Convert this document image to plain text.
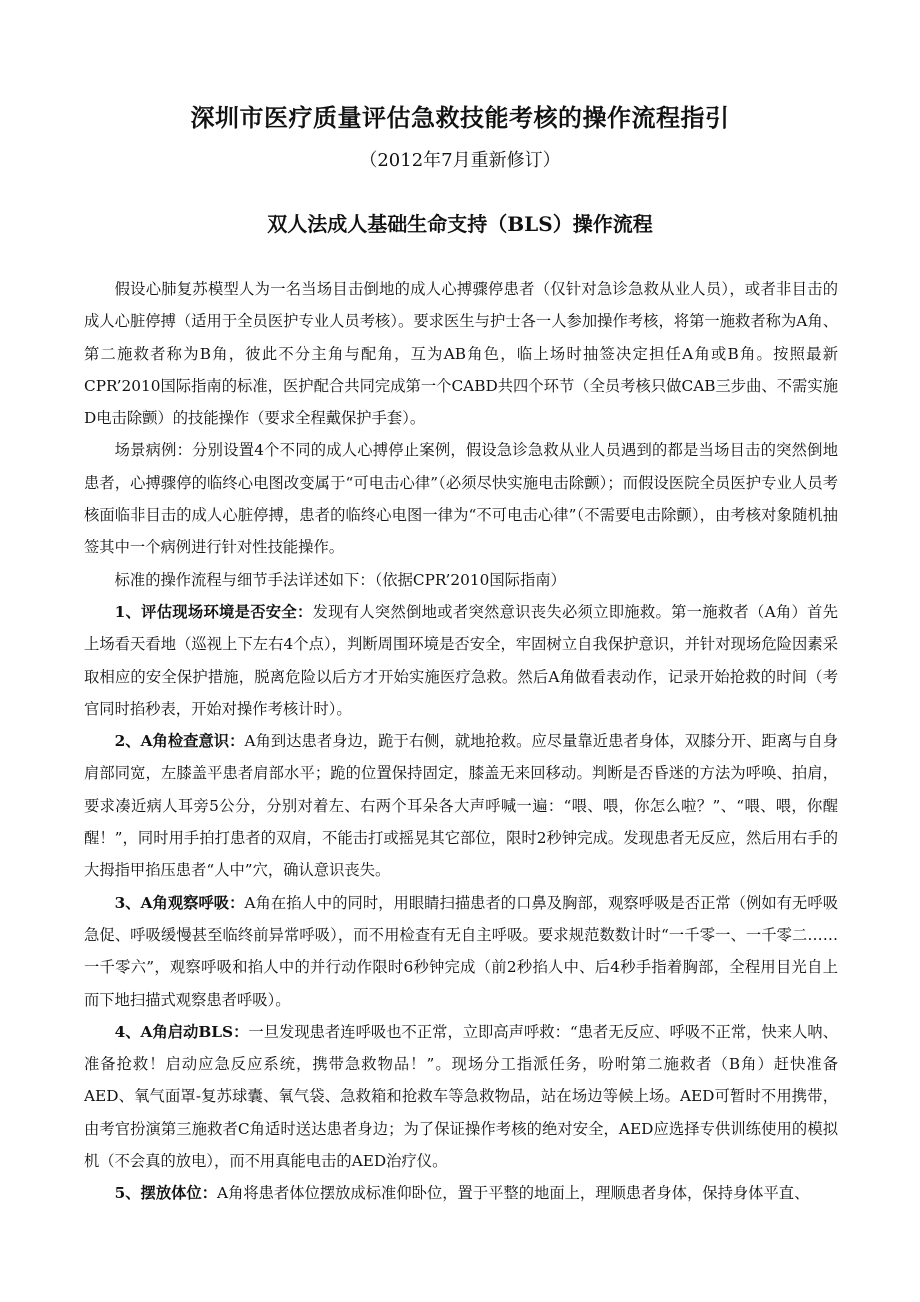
深圳市医疗质量评估急救技能考核的操作流程指引
（2012年7月重新修订）
双人法成人基础生命支持（BLS）操作流程

假设心肺复苏模型人为一名当场目击倒地的成人心搏骤停患者（仅针对急诊急救从业人员），或者非目击的成人心脏停搏（适用于全员医护专业人员考核）。要求医生与护士各一人参加操作考核，将第一施救者称为A角、第二施救者称为B角，彼此不分主角与配角，互为AB角色，临上场时抽签决定担任A角或B角。按照最新CPR’2010国际指南的标准，医护配合共同完成第一个CABD共四个环节（全员考核只做CAB三步曲、不需实施D电击除颤）的技能操作（要求全程戴保护手套）。

场景病例：分别设置4个不同的成人心搏停止案例，假设急诊急救从业人员遇到的都是当场目击的突然倒地患者，心搏骤停的临终心电图改变属于“可电击心律”（必须尽快实施电击除颤）；而假设医院全员医护专业人员考核面临非目击的成人心脏停搏，患者的临终心电图一律为“不可电击心律”（不需要电击除颤），由考核对象随机抽签其中一个病例进行针对性技能操作。

标准的操作流程与细节手法详述如下：（依据CPR’2010国际指南）

1、评估现场环境是否安全：发现有人突然倒地或者突然意识丧失必须立即施救。第一施救者（A角）首先上场看天看地（巡视上下左右4个点），判断周围环境是否安全，牢固树立自我保护意识，并针对现场危险因素采取相应的安全保护措施，脱离危险以后方才开始实施医疗急救。然后A角做看表动作，记录开始抢救的时间（考官同时掐秒表，开始对操作考核计时）。

2、A角检查意识：A角到达患者身边，跪于右侧，就地抢救。应尽量靠近患者身体，双膝分开、距离与自身肩部同宽，左膝盖平患者肩部水平；跪的位置保持固定，膝盖无来回移动。判断是否昏迷的方法为呼唤、拍肩，要求凑近病人耳旁5公分，分别对着左、右两个耳朵各大声呼喊一遍：“喂、喂，你怎么啦？”、“喂、喂，你醒醒！”，同时用手拍打患者的双肩，不能击打或摇晃其它部位，限时2秒钟完成。发现患者无反应，然后用右手的大拇指甲掐压患者“人中”穴，确认意识丧失。

3、A角观察呼吸：A角在掐人中的同时，用眼睛扫描患者的口鼻及胸部，观察呼吸是否正常（例如有无呼吸急促、呼吸缓慢甚至临终前异常呼吸），而不用检查有无自主呼吸。要求规范数数计时“一千零一、一千零二……一千零六”，观察呼吸和掐人中的并行动作限时6秒钟完成（前2秒掐人中、后4秒手指着胸部，全程用目光自上而下地扫描式观察患者呼吸）。

4、A角启动BLS：一旦发现患者连呼吸也不正常，立即高声呼救：“患者无反应、呼吸不正常，快来人呐、准备抢救！启动应急反应系统，携带急救物品！”。现场分工指派任务，吩咐第二施救者（B角）赶快准备AED、氧气面罩-复苏球囊、氧气袋、急救箱和抢救车等急救物品，站在场边等候上场。AED可暂时不用携带，由考官扮演第三施救者C角适时送达患者身边；为了保证操作考核的绝对安全，AED应选择专供训练使用的模拟机（不会真的放电），而不用真能电击的AED治疗仪。

5、摆放体位：A角将患者体位摆放成标准仰卧位，置于平整的地面上，理顺患者身体，保持身体平直、
